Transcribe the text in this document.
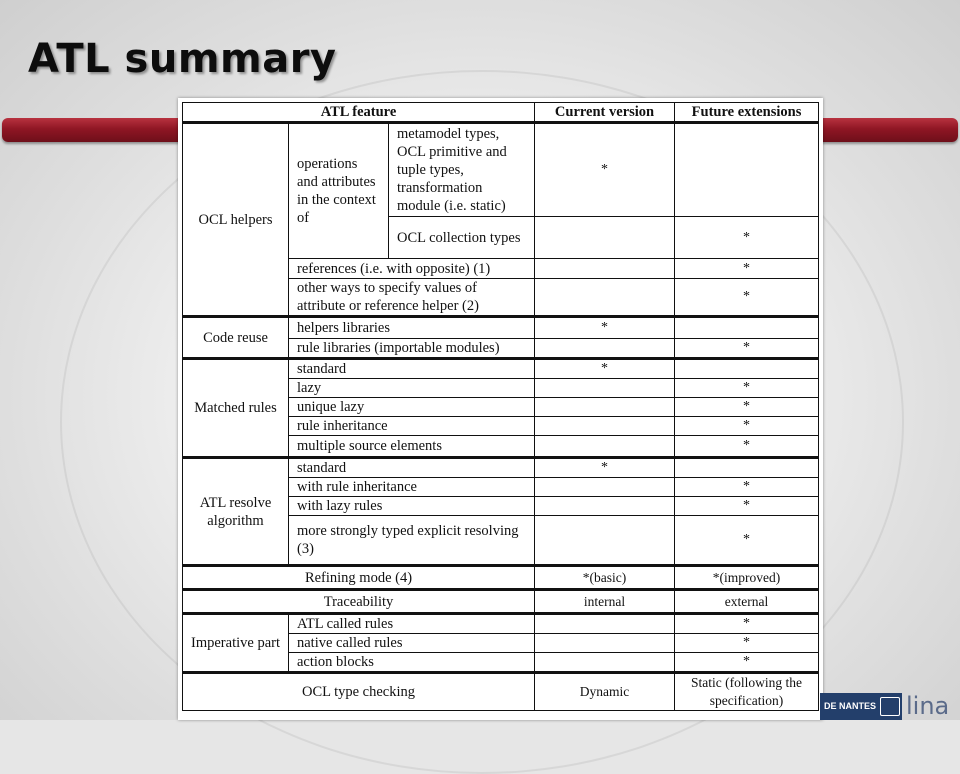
ATL summary
ATL feature			Current version	Future extensions
OCL helpers	operations and attributes in the context of	metamodel types, OCL primitive and tuple types, transformation module (i.e. static)	*	
		OCL collection types		*
	references (i.e. with opposite) (1)			*
	other ways to specify values of attribute or reference helper (2)			*
Code reuse	helpers libraries		*	
	rule libraries (importable modules)			*
Matched rules	standard		*	
	lazy			*
	unique lazy			*
	rule inheritance			*
	multiple source elements			*
ATL resolve algorithm	standard		*	
	with rule inheritance			*
	with lazy rules			*
	more strongly typed explicit resolving (3)			*
Refining mode (4)			*(basic)	*(improved)
Traceability			internal	external
Imperative part	ATL called rules			*
	native called rules			*
	action blocks			*
OCL type checking			Dynamic	Static (following the specification)	DE NANTES	lina
